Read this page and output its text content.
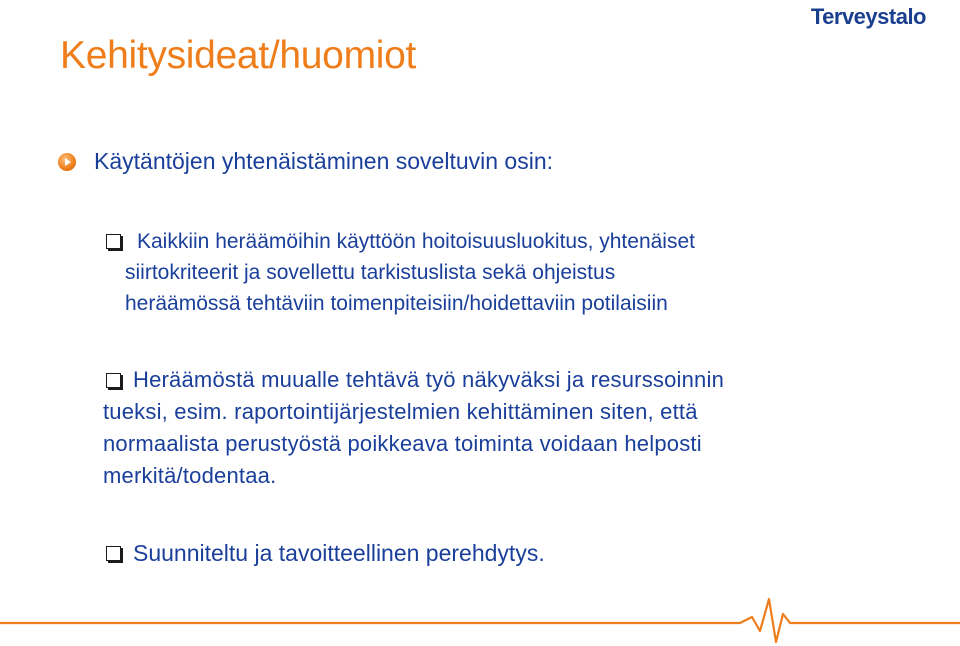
Terveystalo
Kehitysideat/huomiot
Käytäntöjen yhtenäistäminen soveltuvin osin:
Kaikkiin heräämöihin käyttöön hoitoisuusluokitus, yhtenäiset
siirtokriteerit ja sovellettu tarkistuslista sekä ohjeistus
heräämössä tehtäviin toimenpiteisiin/hoidettaviin potilaisiin
Heräämöstä muualle tehtävä työ näkyväksi ja resurssoinnin
tueksi, esim. raportointijärjestelmien kehittäminen siten, että
normaalista perustyöstä poikkeava toiminta voidaan helposti
merkitä/todentaa.
Suunniteltu ja tavoitteellinen perehdytys.
